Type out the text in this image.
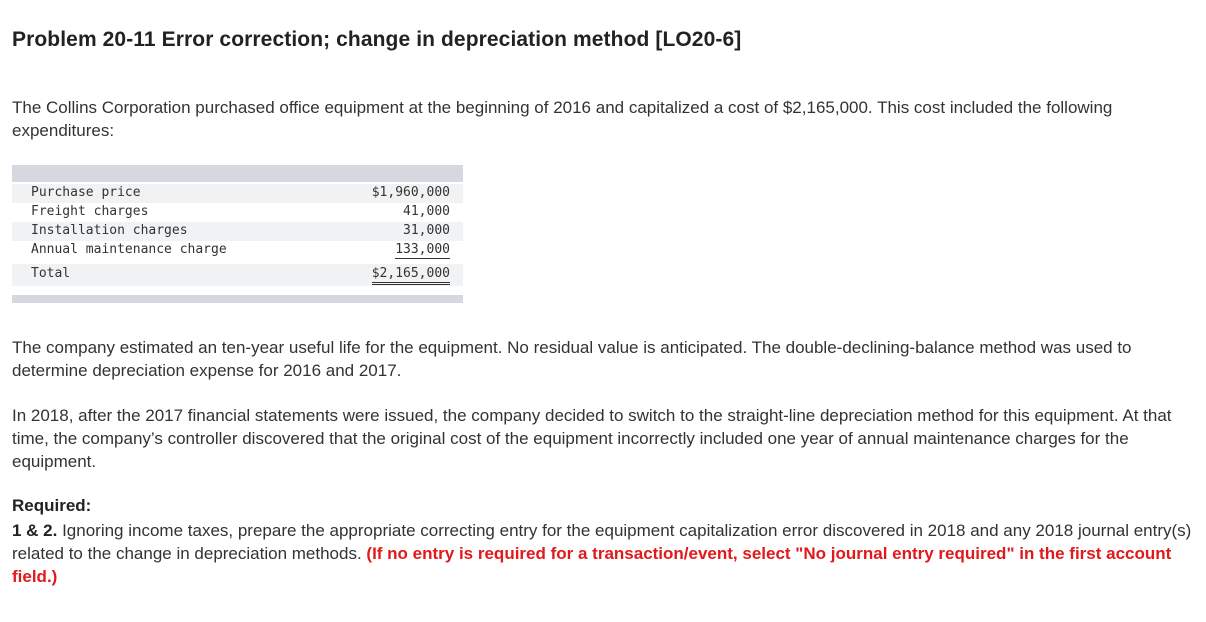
Problem 20-11 Error correction; change in depreciation method [LO20-6]

The Collins Corporation purchased office equipment at the beginning of 2016 and capitalized a cost of $2,165,000. This cost included the following expenditures:

Purchase price	$1,960,000
Freight charges	41,000
Installation charges	31,000
Annual maintenance charge	133,000
Total	$2,165,000

The company estimated an ten-year useful life for the equipment. No residual value is anticipated. The double-declining-balance method was used to determine depreciation expense for 2016 and 2017.

In 2018, after the 2017 financial statements were issued, the company decided to switch to the straight-line depreciation method for this equipment. At that time, the company’s controller discovered that the original cost of the equipment incorrectly included one year of annual maintenance charges for the equipment.

Required:

1 & 2. Ignoring income taxes, prepare the appropriate correcting entry for the equipment capitalization error discovered in 2018 and any 2018 journal entry(s) related to the change in depreciation methods. (If no entry is required for a transaction/event, select "No journal entry required" in the first account field.)
